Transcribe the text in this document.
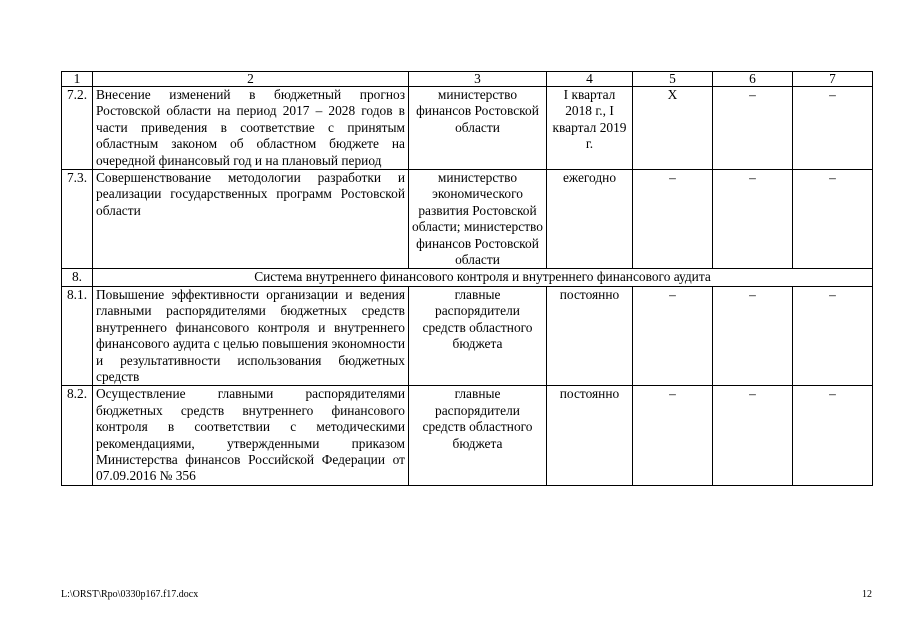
1	2	3	4	5	6	7
7.2.	Внесение изменений в бюджетный прогноз Ростовской области на период 2017 – 2028 годов в части приведения в соответствие с принятым областным законом об областном бюджете на очередной финансовый год и на плановый период	министерство финансов Ростовской области	I квартал 2018 г., I квартал 2019 г.	Х	–	–
7.3.	Совершенствование методологии разработки и реализации государственных программ Ростовской области	министерство экономического развития Ростовской области; министерство финансов Ростовской области	ежегодно	–	–	–
8.	Система внутреннего финансового контроля и внутреннего финансового аудита					
8.1.	Повышение эффективности организации и ведения главными распорядителями бюджетных средств внутреннего финансового контроля и внутреннего финансового аудита с целью повышения экономности и результативности использования бюджетных средств	главные распорядители средств областного бюджета	постоянно	–	–	–
8.2.	Осуществление главными распорядителями бюджетных средств внутреннего финансового контроля в соответствии с методическими рекомендациями, утвержденными приказом Министерства финансов Российской Федерации от 07.09.2016 № 356	главные распорядители средств областного бюджета	постоянно	–	–	–
L:\ORST\Rpo\0330p167.f17.docx	12
